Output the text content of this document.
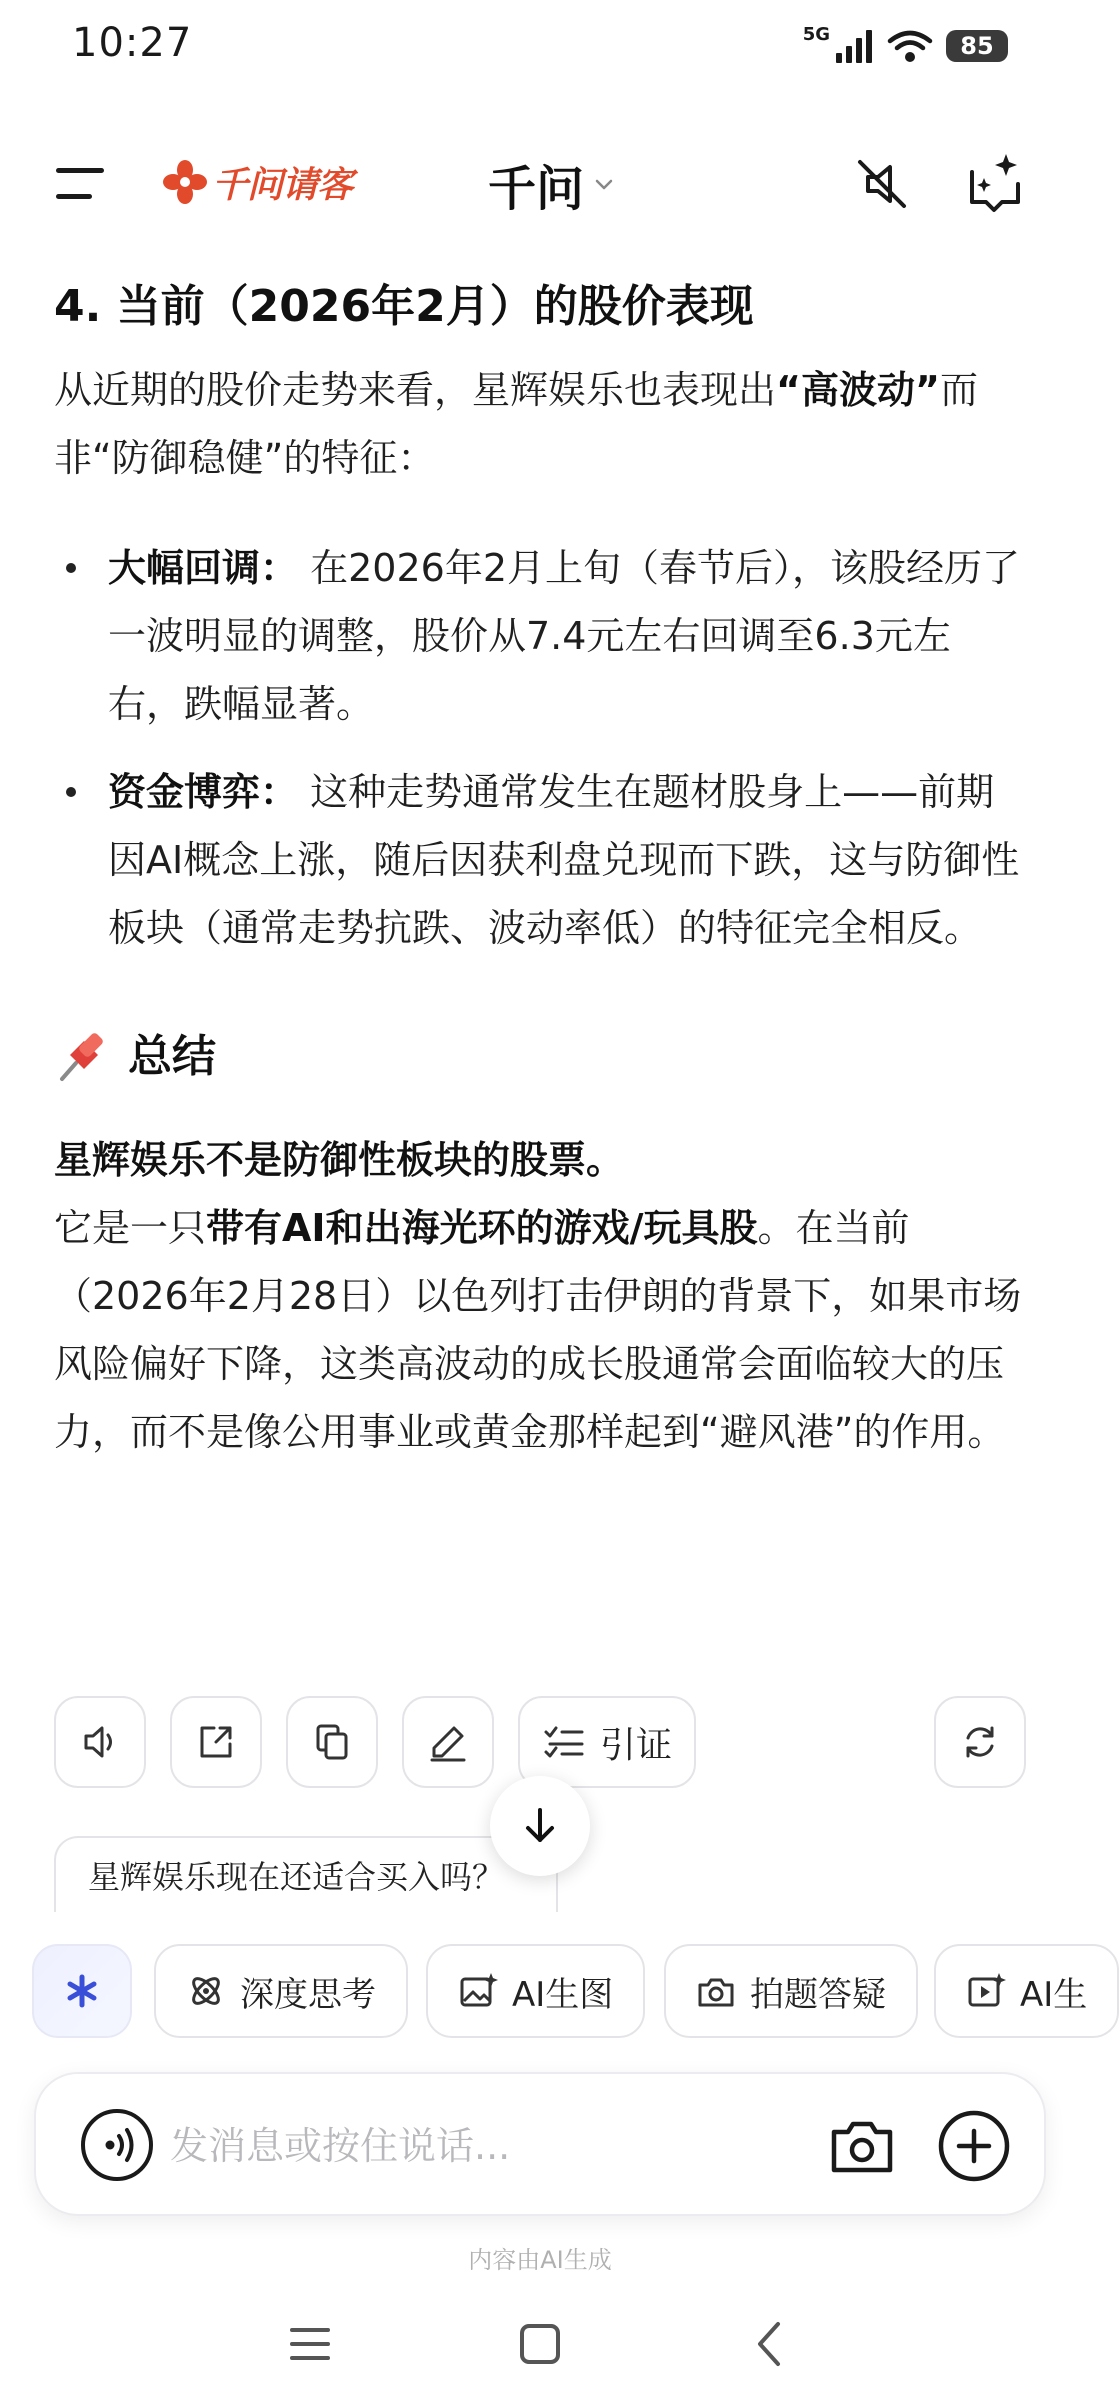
10:27	5G	85
千问请客	千问
4. 当前（2026年2月）的股价表现

从近期的股价走势来看，星辉娱乐也表现出“高波动”而非“防御稳健”的特征：

大幅回调： 在2026年2月上旬（春节后），该股经历了一波明显的调整，股价从7.4元左右回调至6.3元左右，跌幅显著。
资金博弈： 这种走势通常发生在题材股身上——前期因AI概念上涨，随后因获利盘兑现而下跌，这与防御性板块（通常走势抗跌、波动率低）的特征完全相反。
总结

星辉娱乐不是防御性板块的股票。

它是一只带有AI和出海光环的游戏/玩具股。在当前（2026年2月28日）以色列打击伊朗的背景下，如果市场风险偏好下降，这类高波动的成长股通常会面临较大的压力，而不是像公用事业或黄金那样起到“避风港”的作用。

引证
星辉娱乐现在还适合买入吗？
深度思考	AI生图	拍题答疑	AI生
发消息或按住说话...
内容由AI生成
